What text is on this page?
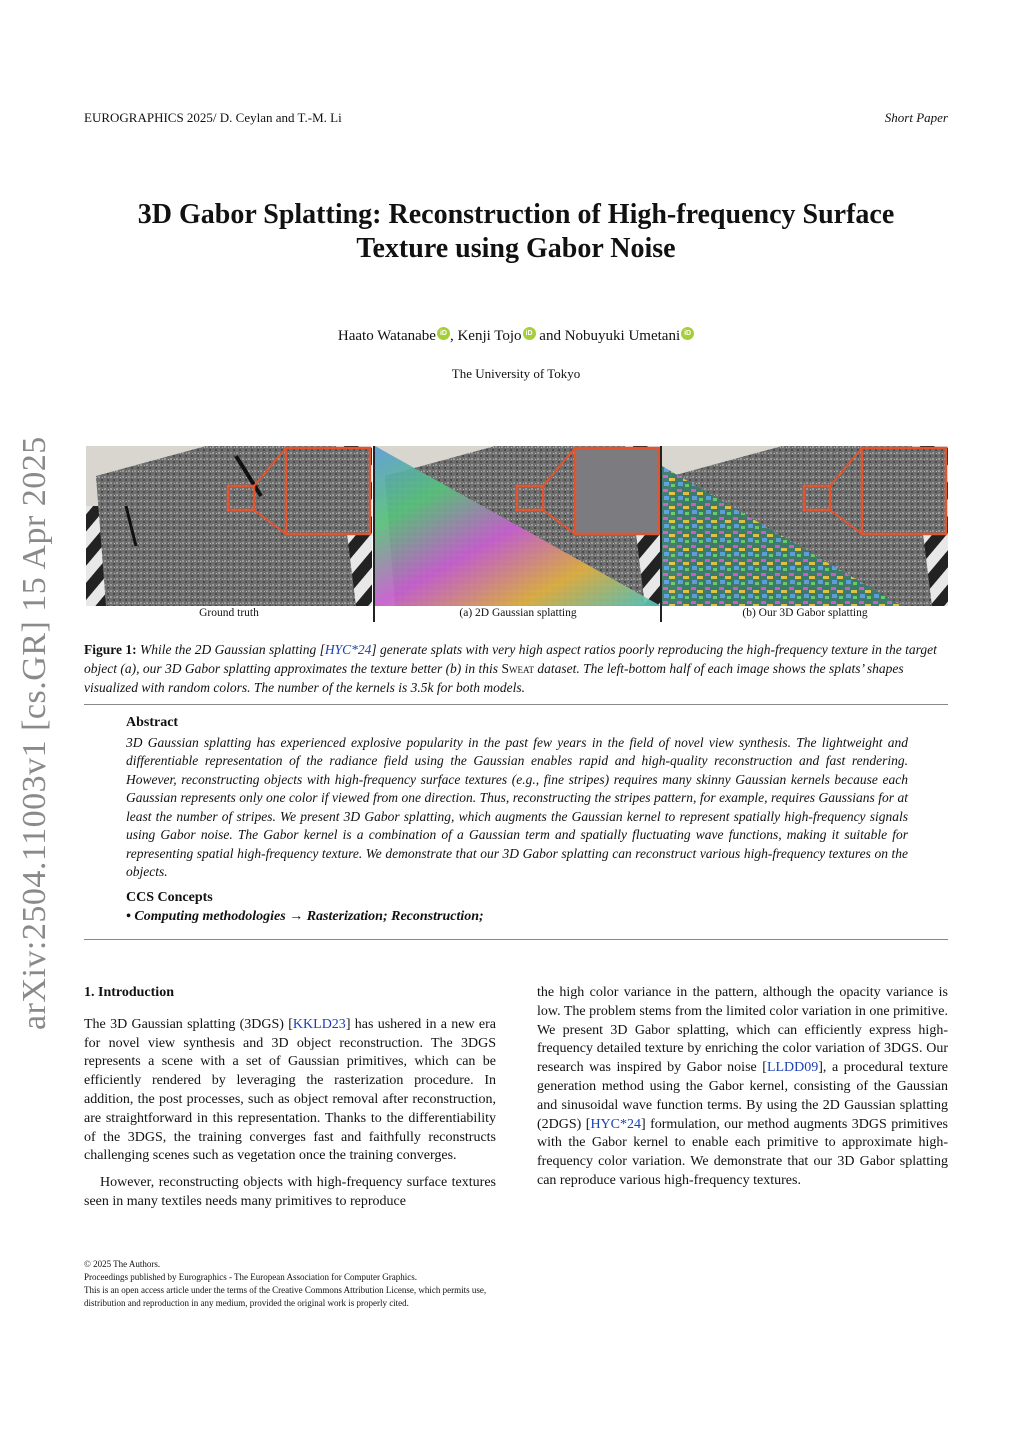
EUROGRAPHICS 2025/ D. Ceylan and T.-M. Li	Short Paper
3D Gabor Splatting: Reconstruction of High-frequency Surface
Texture using Gabor Noise
Haato Watanabe iD , Kenji Tojo iD and Nobuyuki Umetani iD
The University of Tokyo
arXiv:2504.11003v1 [cs.GR] 15 Apr 2025	Ground truth	(a) 2D Gaussian splatting	(b) Our 3D Gabor splatting
Figure 1: While the 2D Gaussian splatting [HYC*24] generate splats with very high aspect ratios poorly reproducing the high-frequency texture in the target object (a), our 3D Gabor splatting approximates the texture better (b) in this Sweat dataset. The left-bottom half of each image shows the splats’ shapes visualized with random colors. The number of the kernels is 3.5k for both models.
Abstract
3D Gaussian splatting has experienced explosive popularity in the past few years in the field of novel view synthesis. The lightweight and differentiable representation of the radiance field using the Gaussian enables rapid and high-quality reconstruction and fast rendering. However, reconstructing objects with high-frequency surface textures (e.g., fine stripes) requires many skinny Gaussian kernels because each Gaussian represents only one color if viewed from one direction. Thus, reconstructing the stripes pattern, for example, requires Gaussians for at least the number of stripes. We present 3D Gabor splatting, which augments the Gaussian kernel to represent spatially high-frequency signals using Gabor noise. The Gabor kernel is a combination of a Gaussian term and spatially fluctuating wave functions, making it suitable for representing spatial high-frequency texture. We demonstrate that our 3D Gabor splatting can reconstruct various high-frequency textures on the objects.
CCS Concepts
• Computing methodologies → Rasterization; Reconstruction;
1. Introduction
The 3D Gaussian splatting (3DGS) [KKLD23] has ushered in a new era for novel view synthesis and 3D object reconstruction. The 3DGS represents a scene with a set of Gaussian primitives, which can be efficiently rendered by leveraging the rasterization procedure. In addition, the post processes, such as object removal after reconstruction, are straightforward in this representation. Thanks to the differentiability of the 3DGS, the training converges fast and faithfully reconstructs challenging scenes such as vegetation once the training converges.
However, reconstructing objects with high-frequency surface textures seen in many textiles needs many primitives to reproduce
the high color variance in the pattern, although the opacity variance is low. The problem stems from the limited color variation in one primitive. We present 3D Gabor splatting, which can efficiently express high-frequency detailed texture by enriching the color variation of 3DGS. Our research was inspired by Gabor noise [LLDD09], a procedural texture generation method using the Gabor kernel, consisting of the Gaussian and sinusoidal wave function terms. By using the 2D Gaussian splatting (2DGS) [HYC*24] formulation, our method augments 3DGS primitives with the Gabor kernel to enable each primitive to approximate high-frequency color variation. We demonstrate that our 3D Gabor splatting can reproduce various high-frequency textures.
© 2025 The Authors.
Proceedings published by Eurographics - The European Association for Computer Graphics.
This is an open access article under the terms of the Creative Commons Attribution License, which permits use, distribution and reproduction in any medium, provided the original work is properly cited.
